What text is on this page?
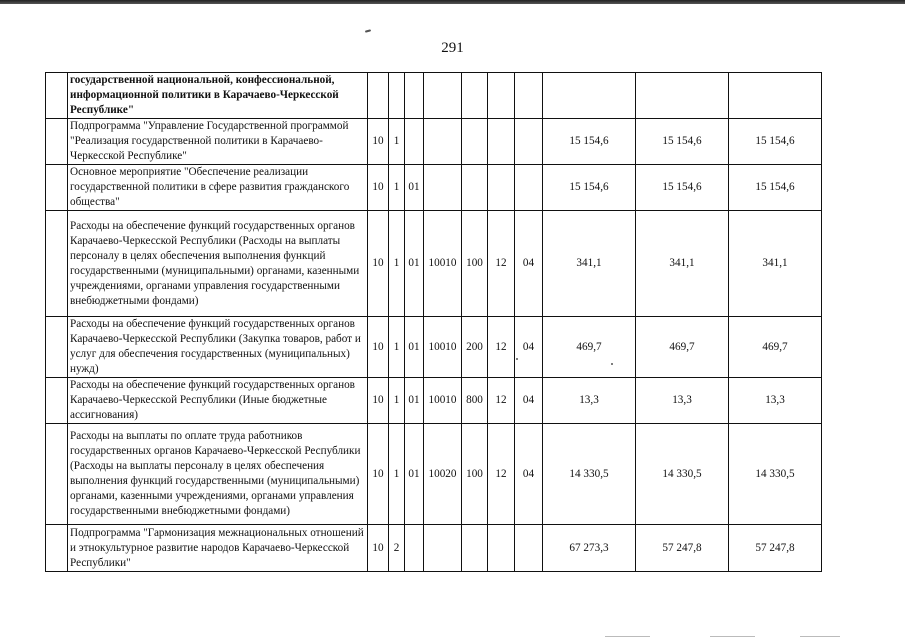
291
	государственной национальной, конфессиональной, информационной политики в Карачаево-Черкесской Республике"										
	Подпрограмма "Управление Государственной программой "Реализация государственной политики в Карачаево-Черкесской Республике"	10	1						15 154,6	15 154,6	15 154,6
	Основное мероприятие "Обеспечение реализации государственной политики в сфере развития гражданского общества"	10	1	01					15 154,6	15 154,6	15 154,6
	Расходы на обеспечение функций государственных органов Карачаево-Черкесской Республики (Расходы на выплаты персоналу в целях обеспечения выполнения функций государственными (муниципальными) органами, казенными учреждениями, органами управления государственными внебюджетными фондами)	10	1	01	10010	100	12	04	341,1	341,1	341,1
	Расходы на обеспечение функций государственных органов Карачаево-Черкесской Республики (Закупка товаров, работ и услуг для обеспечения государственных (муниципальных) нужд)	10	1	01	10010	200	12	04	469,7	469,7	469,7
	Расходы на обеспечение функций государственных органов Карачаево-Черкесской Республики (Иные бюджетные ассигнования)	10	1	01	10010	800	12	04	13,3	13,3	13,3
	Расходы на выплаты по оплате труда работников государственных органов Карачаево-Черкесской Республики (Расходы на выплаты персоналу в целях обеспечения выполнения функций государственными (муниципальными) органами, казенными учреждениями, органами управления государственными внебюджетными фондами)	10	1	01	10020	100	12	04	14 330,5	14 330,5	14 330,5
	Подпрограмма "Гармонизация межнациональных отношений и этнокультурное развитие народов Карачаево-Черкесской Республики"	10	2						67 273,3	57 247,8	57 247,8
